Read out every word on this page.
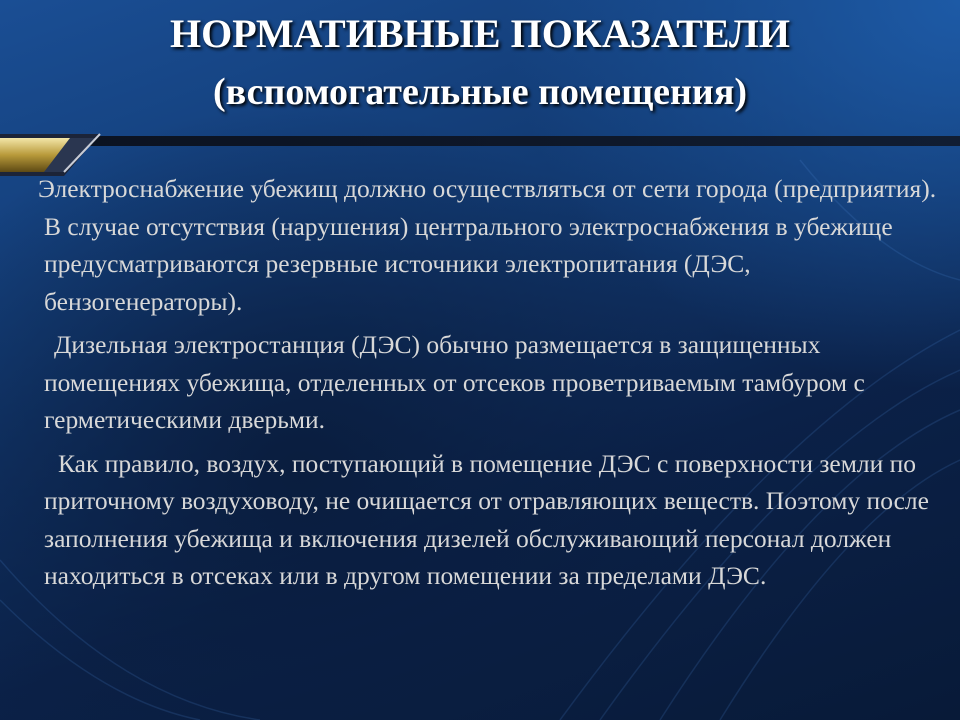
НОРМАТИВНЫЕ ПОКАЗАТЕЛИ
(вспомогательные помещения)

Электроснабжение убежищ должно осуществляться от сети города (предприятия). В случае отсутствия (нарушения) центрального электроснабжения в убежище предусматриваются резервные источники электропитания (ДЭС, бензогенераторы).

Дизельная электростанция (ДЭС) обычно размещается в защищенных помещениях убежища, отделенных от отсеков проветриваемым тамбуром с герметическими дверьми.

Как правило, воздух, поступающий в помещение ДЭС с поверхности земли по приточному воздуховоду, не очищается от отравляющих веществ. Поэтому после заполнения убежища и включения дизелей обслуживающий персонал должен находиться в отсеках или в другом помещении за пределами ДЭС.
